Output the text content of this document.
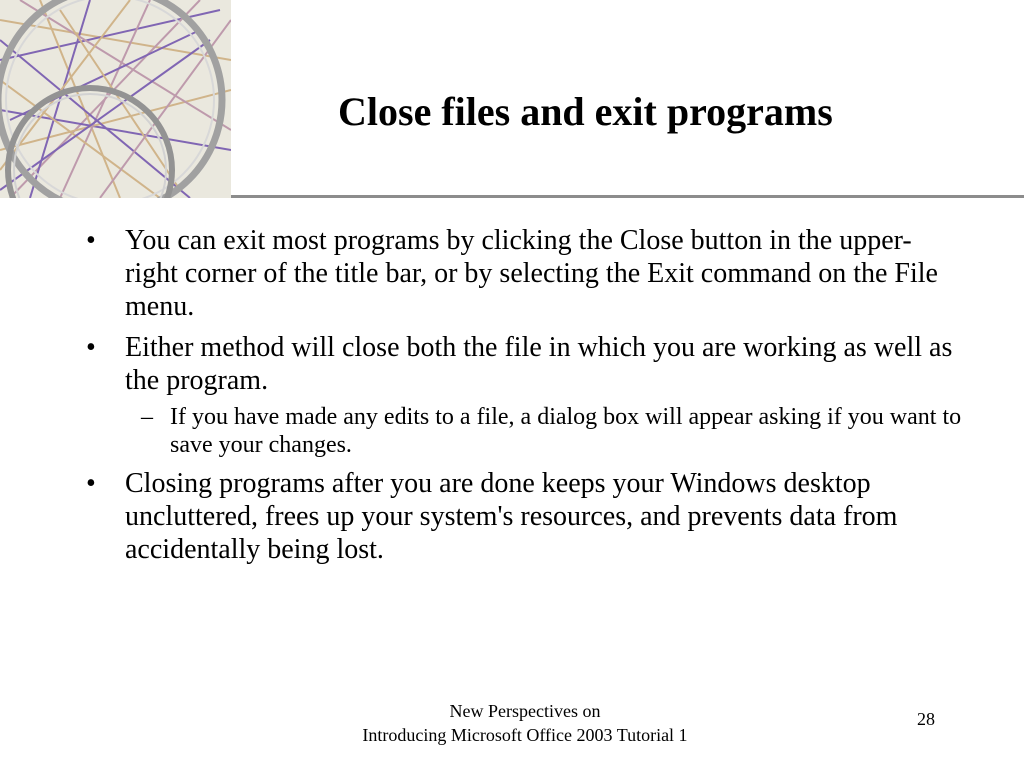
Close files and exit programs
• You can exit most programs by clicking the Close button in the upper-right corner of the title bar, or by selecting the Exit command on the File menu.
• Either method will close both the file in which you are working as well as the program.
– If you have made any edits to a file, a dialog box will appear asking if you want to save your changes.
• Closing programs after you are done keeps your Windows desktop uncluttered, frees up your system's resources, and prevents data from accidentally being lost.
New Perspectives on
Introducing Microsoft Office 2003 Tutorial 1
28
